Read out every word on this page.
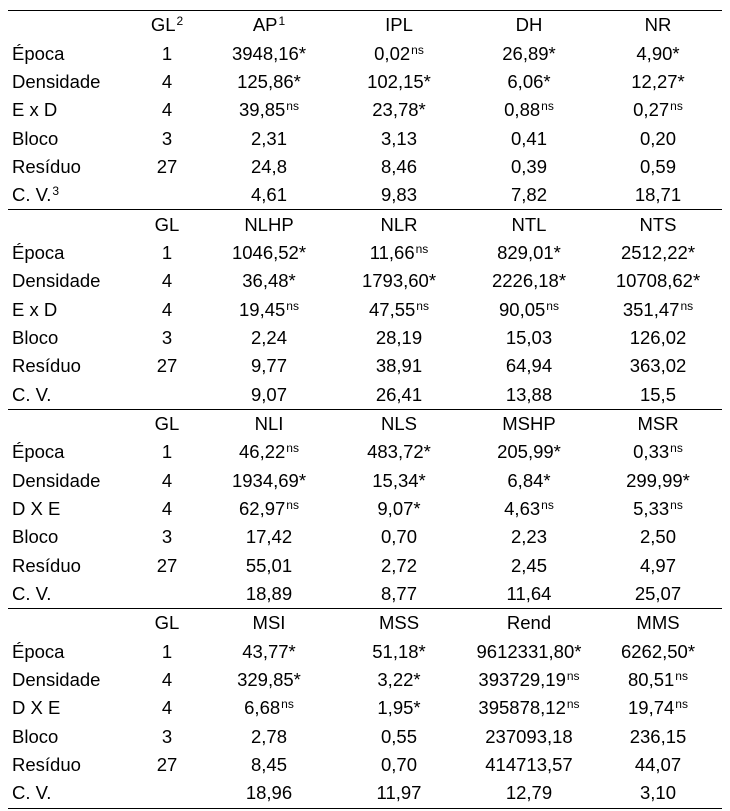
	$GL^2$	$AP^1$	IPL	DH	NR
Época	1	3948,16*	$0,02^{ns}$	26,89*	4,90*
Densidade	4	125,86*	102,15*	6,06*	12,27*
E x D	4	$39,85^{ns}$	23,78*	$0,88^{ns}$	$0,27^{ns}$
Bloco	3	2,31	3,13	0,41	0,20
Resíduo	27	24,8	8,46	0,39	0,59
C. V.$^3$		4,61	9,83	7,82	18,71
	GL	NLHP	NLR	NTL	NTS
Época	1	1046,52*	$11,66^{ns}$	829,01*	2512,22*
Densidade	4	36,48*	1793,60*	2226,18*	10708,62*
E x D	4	$19,45^{ns}$	$47,55^{ns}$	$90,05^{ns}$	$351,47^{ns}$
Bloco	3	2,24	28,19	15,03	126,02
Resíduo	27	9,77	38,91	64,94	363,02
C. V.		9,07	26,41	13,88	15,5
	GL	NLI	NLS	MSHP	MSR
Época	1	$46,22^{ns}$	483,72*	205,99*	$0,33^{ns}$
Densidade	4	1934,69*	15,34*	6,84*	299,99*
D X E	4	$62,97^{ns}$	9,07*	$4,63^{ns}$	$5,33^{ns}$
Bloco	3	17,42	0,70	2,23	2,50
Resíduo	27	55,01	2,72	2,45	4,97
C. V.		18,89	8,77	11,64	25,07
	GL	MSI	MSS	Rend	MMS
Época	1	43,77*	51,18*	9612331,80*	6262,50*
Densidade	4	329,85*	3,22*	$393729,19^{ns}$	$80,51^{ns}$
D X E	4	$6,68^{ns}$	1,95*	$395878,12^{ns}$	$19,74^{ns}$
Bloco	3	2,78	0,55	237093,18	236,15
Resíduo	27	8,45	0,70	414713,57	44,07
C. V.		18,96	11,97	12,79	3,10
